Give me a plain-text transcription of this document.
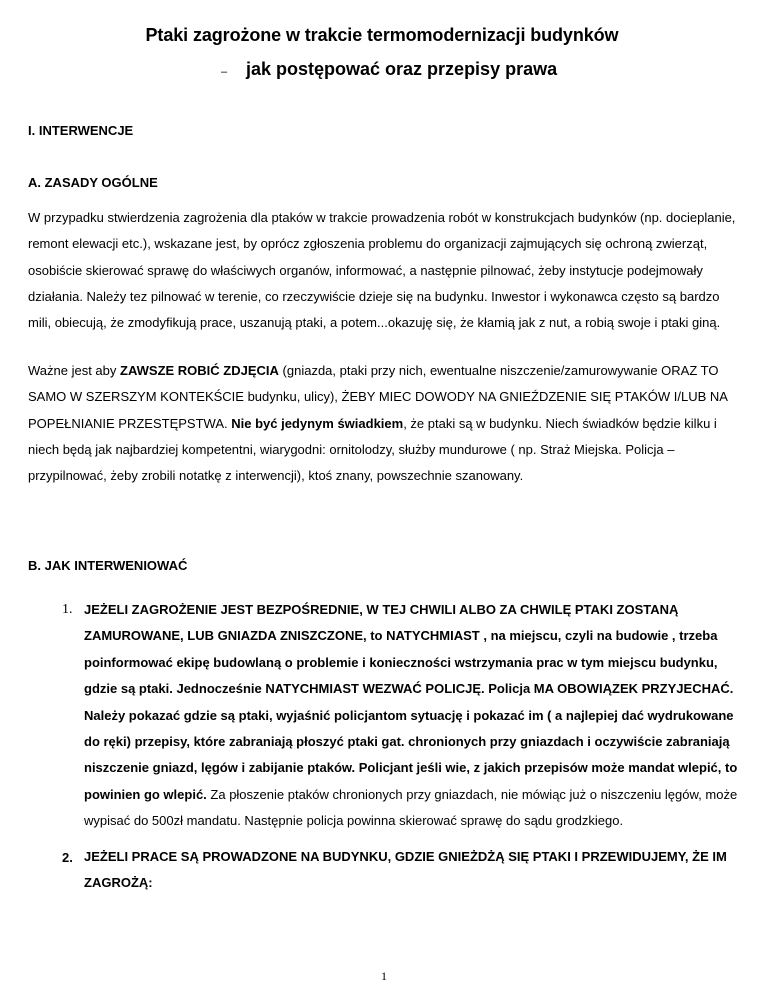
Ptaki zagrożone w trakcie termomodernizacji budynków
– jak postępować oraz przepisy prawa
I. INTERWENCJE
A. ZASADY OGÓLNE

W przypadku stwierdzenia zagrożenia dla ptaków w trakcie prowadzenia robót w konstrukcjach budynków (np. docieplanie, remont elewacji etc.), wskazane jest, by oprócz zgłoszenia problemu do organizacji zajmujących się ochroną zwierząt, osobiście skierować sprawę do właściwych organów, informować, a następnie pilnować, żeby instytucje podejmowały działania. Należy tez pilnować w terenie, co rzeczywiście dzieje się na budynku. Inwestor i wykonawca często są bardzo mili, obiecują, że zmodyfikują prace, uszanują ptaki, a potem...okazuję się, że kłamią jak z nut, a robią swoje i ptaki giną.

Ważne jest aby ZAWSZE ROBIĆ ZDJĘCIA (gniazda, ptaki przy nich, ewentualne niszczenie/zamurowywanie ORAZ TO SAMO W SZERSZYM KONTEKŚCIE budynku, ulicy), ŻEBY MIEC DOWODY NA GNIEŹDZENIE SIĘ PTAKÓW I/LUB NA POPEŁNIANIE PRZESTĘPSTWA. Nie być jedynym świadkiem, że ptaki są w budynku. Niech świadków będzie kilku i niech będą jak najbardziej kompetentni, wiarygodni: ornitolodzy, służby mundurowe ( np. Straż Miejska. Policja – przypilnować, żeby zrobili notatkę z interwencji), ktoś znany, powszechnie szanowany.

B. JAK INTERWENIOWAĆ
1. JEŻELI ZAGROŻENIE JEST BEZPOŚREDNIE, W TEJ CHWILI ALBO ZA CHWILĘ PTAKI ZOSTANĄ ZAMUROWANE, LUB GNIAZDA ZNISZCZONE, to NATYCHMIAST , na miejscu, czyli na budowie , trzeba poinformować ekipę budowlaną o problemie i konieczności wstrzymania prac w tym miejscu budynku, gdzie są ptaki. Jednocześnie NATYCHMIAST WEZWAĆ POLICJĘ. Policja MA OBOWIĄZEK PRZYJECHAĆ. Należy pokazać gdzie są ptaki, wyjaśnić policjantom sytuację i pokazać im ( a najlepiej dać wydrukowane do ręki) przepisy, które zabraniają płoszyć ptaki gat. chronionych przy gniazdach i oczywiście zabraniają niszczenie gniazd, lęgów i zabijanie ptaków. Policjant jeśli wie, z jakich przepisów może mandat wlepić, to powinien go wlepić. Za płoszenie ptaków chronionych przy gniazdach, nie mówiąc już o niszczeniu lęgów, może wypisać do 500zł mandatu. Następnie policja powinna skierować sprawę do sądu grodzkiego.

2. JEŻELI PRACE SĄ PROWADZONE NA BUDYNKU, GDZIE GNIEŻDŻĄ SIĘ PTAKI I PRZEWIDUJEMY, ŻE IM ZAGROŻĄ:

1
